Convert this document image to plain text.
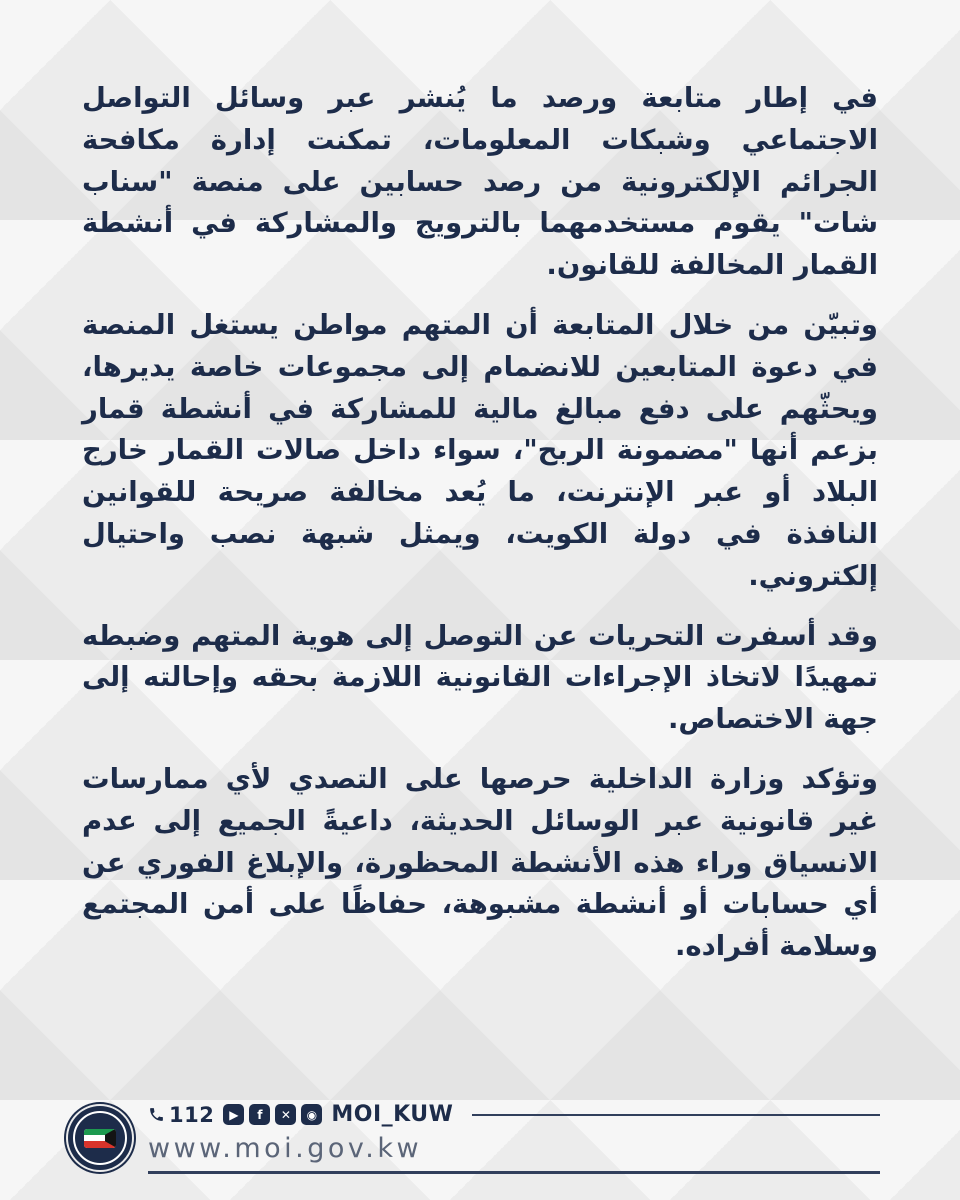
في إطار متابعة ورصد ما يُنشر عبر وسائل التواصل الاجتماعي وشبكات المعلومات، تمكنت إدارة مكافحة الجرائم الإلكترونية من رصد حسابين على منصة "سناب شات" يقوم مستخدمهما بالترويج والمشاركة في أنشطة القمار المخالفة للقانون.

وتبيّن من خلال المتابعة أن المتهم مواطن يستغل المنصة في دعوة المتابعين للانضمام إلى مجموعات خاصة يديرها، ويحثّهم على دفع مبالغ مالية للمشاركة في أنشطة قمار بزعم أنها "مضمونة الربح"، سواء داخل صالات القمار خارج البلاد أو عبر الإنترنت، ما يُعد مخالفة صريحة للقوانين النافذة في دولة الكويت، ويمثل شبهة نصب واحتيال إلكتروني.

وقد أسفرت التحريات عن التوصل إلى هوية المتهم وضبطه تمهيدًا لاتخاذ الإجراءات القانونية اللازمة بحقه وإحالته إلى جهة الاختصاص.

وتؤكد وزارة الداخلية حرصها على التصدي لأي ممارسات غير قانونية عبر الوسائل الحديثة، داعيةً الجميع إلى عدم الانسياق وراء هذه الأنشطة المحظورة، والإبلاغ الفوري عن أي حسابات أو أنشطة مشبوهة، حفاظًا على أمن المجتمع وسلامة أفراده.

112	▶	f	✕	◉ MOI_KUW
www.moi.gov.kw
